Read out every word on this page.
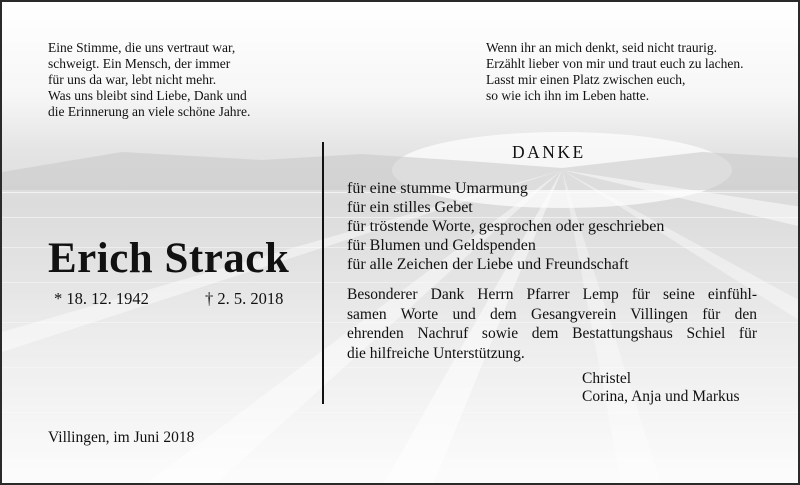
Eine Stimme, die uns vertraut war,
schweigt. Ein Mensch, der immer
für uns da war, lebt nicht mehr.
Was uns bleibt sind Liebe, Dank und
die Erinnerung an viele schöne Jahre.
Wenn ihr an mich denkt, seid nicht traurig.
Erzählt lieber von mir und traut euch zu lachen.
Lasst mir einen Platz zwischen euch,
so wie ich ihn im Leben hatte.
Erich Strack
* 18. 12. 1942	† 2. 5. 2018
DANKE
für eine stumme Umarmung
für ein stilles Gebet
für tröstende Worte, gesprochen oder geschrieben
für Blumen und Geldspenden
für alle Zeichen der Liebe und Freundschaft
Besonderer Dank Herrn Pfarrer Lemp für seine einfühl-
samen Worte und dem Gesangverein Villingen für den
ehrenden Nachruf sowie dem Bestattungshaus Schiel für
die hilfreiche Unterstützung.
Christel
Corina, Anja und Markus
Villingen, im Juni 2018
